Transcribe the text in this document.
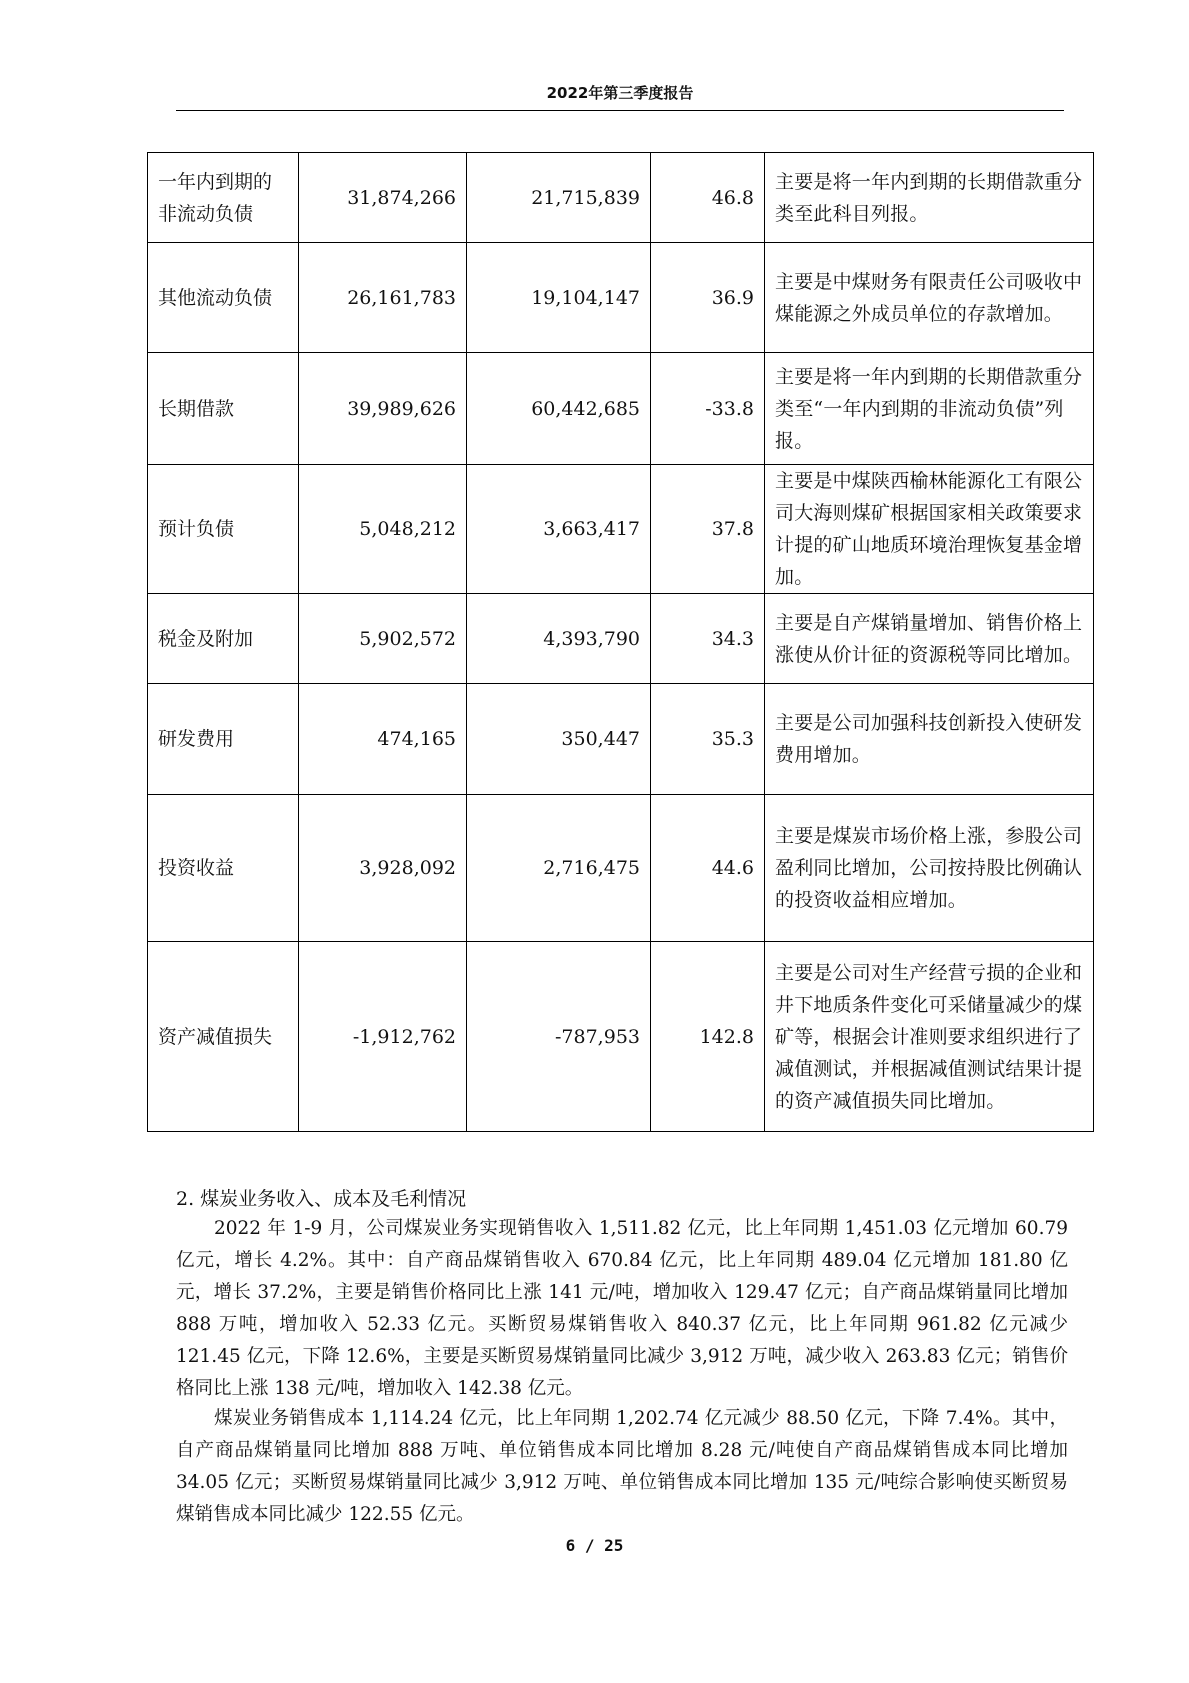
2022年第三季度报告
一年内到期的非流动负债	31,874,266	21,715,839	46.8	主要是将一年内到期的长期借款重分类至此科目列报。
其他流动负债	26,161,783	19,104,147	36.9	主要是中煤财务有限责任公司吸收中煤能源之外成员单位的存款增加。
长期借款	39,989,626	60,442,685	-33.8	主要是将一年内到期的长期借款重分类至“一年内到期的非流动负债”列报。
预计负债	5,048,212	3,663,417	37.8	主要是中煤陕西榆林能源化工有限公司大海则煤矿根据国家相关政策要求计提的矿山地质环境治理恢复基金增加。
税金及附加	5,902,572	4,393,790	34.3	主要是自产煤销量增加、销售价格上涨使从价计征的资源税等同比增加。
研发费用	474,165	350,447	35.3	主要是公司加强科技创新投入使研发费用增加。
投资收益	3,928,092	2,716,475	44.6	主要是煤炭市场价格上涨，参股公司盈利同比增加，公司按持股比例确认的投资收益相应增加。
资产减值损失	-1,912,762	-787,953	142.8	主要是公司对生产经营亏损的企业和井下地质条件变化可采储量减少的煤矿等，根据会计准则要求组织进行了减值测试，并根据减值测试结果计提的资产减值损失同比增加。
2. 煤炭业务收入、成本及毛利情况

2022 年 1-9 月，公司煤炭业务实现销售收入 1,511.82 亿元，比上年同期 1,451.03 亿元增加 60.79 亿元，增长 4.2%。其中：自产商品煤销售收入 670.84 亿元，比上年同期 489.04 亿元增加 181.80 亿元，增长 37.2%，主要是销售价格同比上涨 141 元/吨，增加收入 129.47 亿元；自产商品煤销量同比增加 888 万吨，增加收入 52.33 亿元。买断贸易煤销售收入 840.37 亿元，比上年同期 961.82 亿元减少 121.45 亿元，下降 12.6%，主要是买断贸易煤销量同比减少 3,912 万吨，减少收入 263.83 亿元；销售价格同比上涨 138 元/吨，增加收入 142.38 亿元。

煤炭业务销售成本 1,114.24 亿元，比上年同期 1,202.74 亿元减少 88.50 亿元，下降 7.4%。其中，自产商品煤销量同比增加 888 万吨、单位销售成本同比增加 8.28 元/吨使自产商品煤销售成本同比增加 34.05 亿元；买断贸易煤销量同比减少 3,912 万吨、单位销售成本同比增加 135 元/吨综合影响使买断贸易煤销售成本同比减少 122.55 亿元。

6 / 25
